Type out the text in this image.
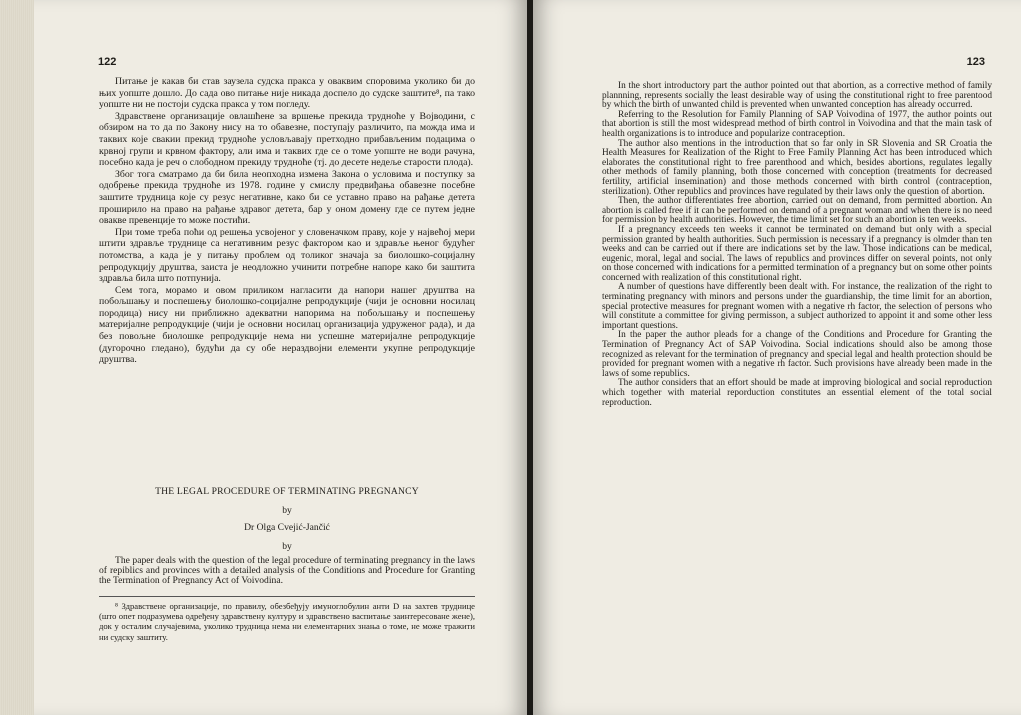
122

Питање је какав би став заузела судска пракса у оваквим споровима уколико би до њих уопште дошло. До сада ово питање није никада доспело до судске заштите⁸, па тако уопште ни не постоји судска пракса у том погледу.

Здравствене организације овлашћене за вршење прекида трудноће у Војводини, с обзиром на то да по Закону нису на то обавезне, поступају различито, па можда има и таквих које свакии прекид трудноће условљавају претходно прибављеним подацима о крвној групи и крвном фактору, али има и таквих где се о томе уопште не води рачуна, посебно када је реч о слободном прекиду трудноће (тј. до десете недеље старости плода).

Због тога сматрамо да би била неопходна измена Закона о условима и поступку за одобрење прекида трудноће из 1978. године у смислу предвиђања обавезне посебне заштите трудница које су резус негативне, како би се уставно право на рађање детета проширило на право на рађање здравог детета, бар у оном домену где се путем једне овакве превенције то може постићи.

При томе треба поћи од решења усвојеног у словеначком праву, које у највећој мери штити здравље труднице са негативним резус фактором као и здравље њеног будућег потомства, а када је у питању проблем од толиког значаја за биолошко-социјалну репродукцију друштва, заиста је неодложно учинити потребне напоре како би заштита здравља била што потпунија.

Сем тога, морамо и овом приликом нагласити да напори нашег друштва на побољшању и поспешењу биолошко-социјалне репродукције (чији је основни носилац породица) нису ни приближно адекватни напорима на побољшању и поспешењу материјалне репродукције (чији је основни носилац организација удруженог рада), и да без повољне биолошке репродукције нема ни успешне материјалне репродукције (дугорочно гледано), будући да су обе нераздвојни елементи укупне репродукције друштва.

THE LEGAL PROCEDURE OF TERMINATING PREGNANCY

by

Dr Olga Cvejić-Jančić

by

The paper deals with the question of the legal procedure of terminating pregnancy in the laws of repiblics and provinces with a detailed analysis of the Conditions and Procedure for Granting the Termination of Pregnancy Act of Voivodina.

⁸ Здравствене организације, по правилу, обезбеђују имуноглобулин анти D на захтев труднице (што опет подразумева одређену здравствену културу и здравствено васпитање заинтересоване жене), док у осталим случајевима, уколико трудница нема ни елементарних знања о томе, не може тражити ни судску заштиту.

123

In the short introductory part the author pointed out that abortion, as a corrective method of family plannning, represents socially the least desirable way of using the constitutional right to free parentood by which the birth of unwanted child is prevented when unwanted conception has already occurred.

Referring to the Resolution for Family Planning of SAP Voivodina of 1977, the author points out that abortion is still the most widespread method of birth control in Voivodina and that the main task of health organizations is to introduce and popularize contraception.

The author also mentions in the introduction that so far only in SR Slovenia and SR Croatia the Health Measures for Realization of the Right to Free Family Planning Act has been introduced which elaborates the constitutional right to free parenthood and which, besides abortions, regulates legally other methods of family planning, both those concerned with conception (treatments for decreased fertility, artificial insemination) and those methods concerned with birth control (contraception, sterilization). Other republics and provinces have regulated by their laws only the question of abortion.

Then, the author differentiates free abortion, carried out on demand, from permitted abortion. An abortion is called free if it can be performed on demand of a pregnant woman and when there is no need for permission by health authorities. However, the time limit set for such an abortion is ten weeks.

If a pregnancy exceeds ten weeks it cannot be terminated on demand but only with a special permission granted by health authorities. Such permission is necessary if a pregnancy is olmder than ten weeks and can be carried out if there are indications set by the law. Those indications can be medical, eugenic, moral, legal and social. The laws of republics and provinces differ on several points, not only on those concerned with indications for a permitted termination of a pregnancy but on some other points concerned with realization of this constitutional right.

A number of questions have differently been dealt with. For instance, the realization of the right to terminating pregnancy with minors and persons under the guardianship, the time limit for an abortion, special protective measures for pregnant women with a negative rh factor, the selection of persons who will constitute a committee for giving permisson, a subject authorized to appoint it and some other less important questions.

In the paper the author pleads for a change of the Conditions and Procedure for Granting the Termination of Pregnancy Act of SAP Voivodina. Social indications should also be among those recognized as relevant for the termination of pregnancy and special legal and health protection should be provided for pregnant women with a negative rh factor. Such provisions have already been made in the laws of some republics.

The author considers that an effort should be made at improving biological and social reproduction which together with material reporduction constitutes an essential element of the total social reproduction.
